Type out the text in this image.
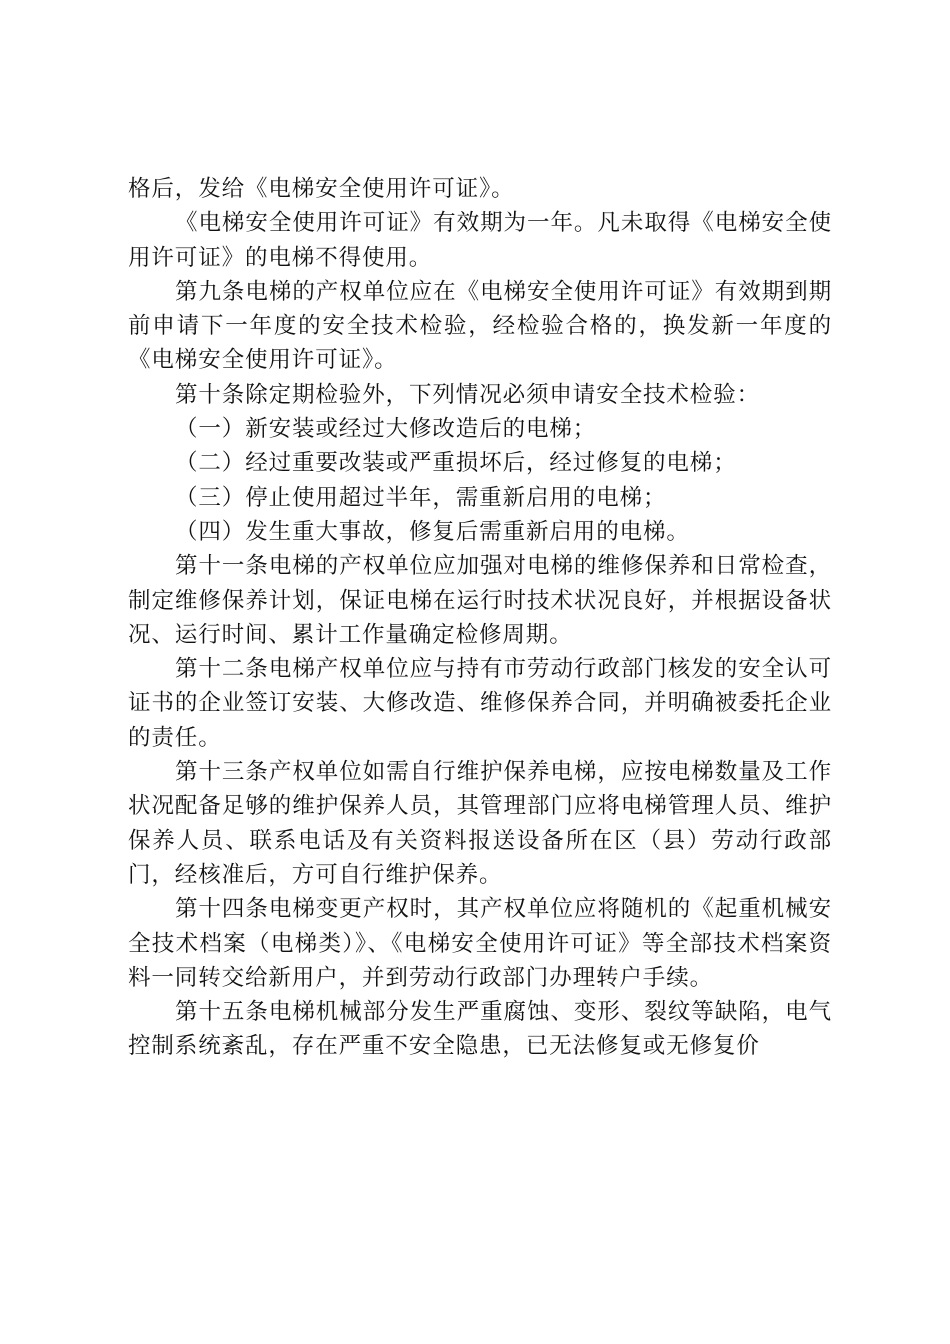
格后，发给《电梯安全使用许可证》。

《电梯安全使用许可证》有效期为一年。凡未取得《电梯安全使用许可证》的电梯不得使用。

第九条电梯的产权单位应在《电梯安全使用许可证》有效期到期前申请下一年度的安全技术检验，经检验合格的，换发新一年度的《电梯安全使用许可证》。

第十条除定期检验外，下列情况必须申请安全技术检验：

（一）新安装或经过大修改造后的电梯；

（二）经过重要改装或严重损坏后，经过修复的电梯；

（三）停止使用超过半年，需重新启用的电梯；

（四）发生重大事故，修复后需重新启用的电梯。

第十一条电梯的产权单位应加强对电梯的维修保养和日常检查，制定维修保养计划，保证电梯在运行时技术状况良好，并根据设备状况、运行时间、累计工作量确定检修周期。

第十二条电梯产权单位应与持有市劳动行政部门核发的安全认可证书的企业签订安装、大修改造、维修保养合同，并明确被委托企业的责任。

第十三条产权单位如需自行维护保养电梯，应按电梯数量及工作状况配备足够的维护保养人员，其管理部门应将电梯管理人员、维护保养人员、联系电话及有关资料报送设备所在区（县）劳动行政部门，经核准后，方可自行维护保养。

第十四条电梯变更产权时，其产权单位应将随机的《起重机械安全技术档案（电梯类）》、《电梯安全使用许可证》等全部技术档案资料一同转交给新用户，并到劳动行政部门办理转户手续。

第十五条电梯机械部分发生严重腐蚀、变形、裂纹等缺陷，电气控制系统紊乱，存在严重不安全隐患，已无法修复或无修复价
